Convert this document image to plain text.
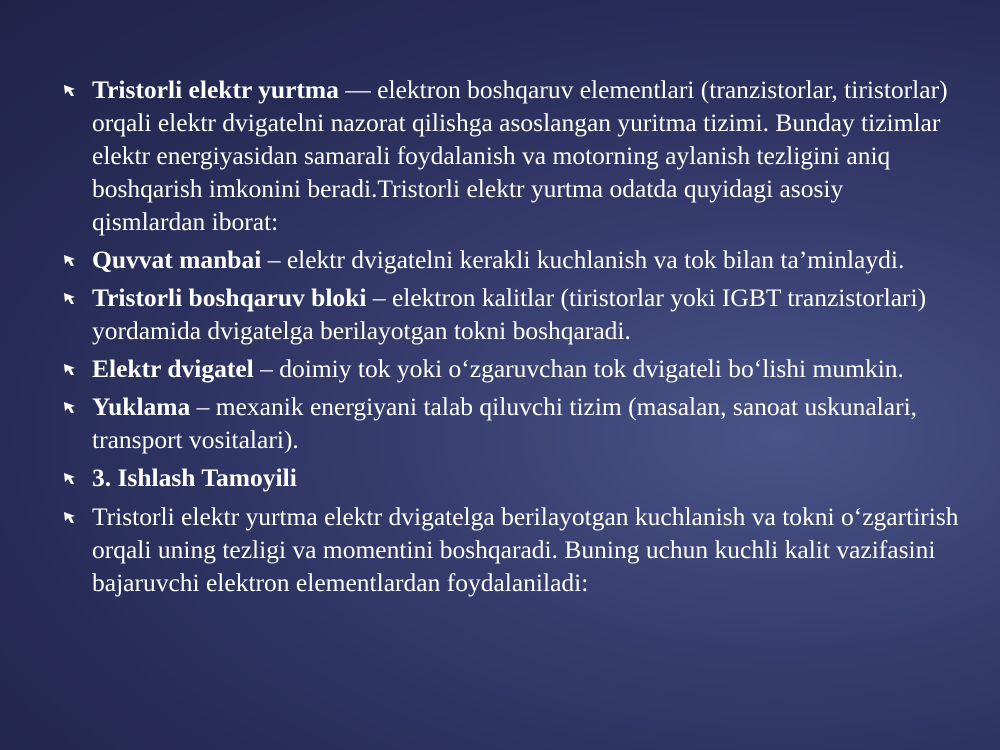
Tristorli elektr yurtma — elektron boshqaruv elementlari (tranzistorlar, tiristorlar) orqali elektr dvigatelni nazorat qilishga asoslangan yuritma tizimi. Bunday tizimlar elektr energiyasidan samarali foydalanish va motorning aylanish tezligini aniq boshqarish imkonini beradi.Tristorli elektr yurtma odatda quyidagi asosiy qismlardan iborat:
Quvvat manbai – elektr dvigatelni kerakli kuchlanish va tok bilan ta’minlaydi.
Tristorli boshqaruv bloki – elektron kalitlar (tiristorlar yoki IGBT tranzistorlari) yordamida dvigatelga berilayotgan tokni boshqaradi.
Elektr dvigatel – doimiy tok yoki o‘zgaruvchan tok dvigateli bo‘lishi mumkin.
Yuklama – mexanik energiyani talab qiluvchi tizim (masalan, sanoat uskunalari, transport vositalari).
3. Ishlash Tamoyili
Tristorli elektr yurtma elektr dvigatelga berilayotgan kuchlanish va tokni o‘zgartirish orqali uning tezligi va momentini boshqaradi. Buning uchun kuchli kalit vazifasini bajaruvchi elektron elementlardan foydalaniladi:
